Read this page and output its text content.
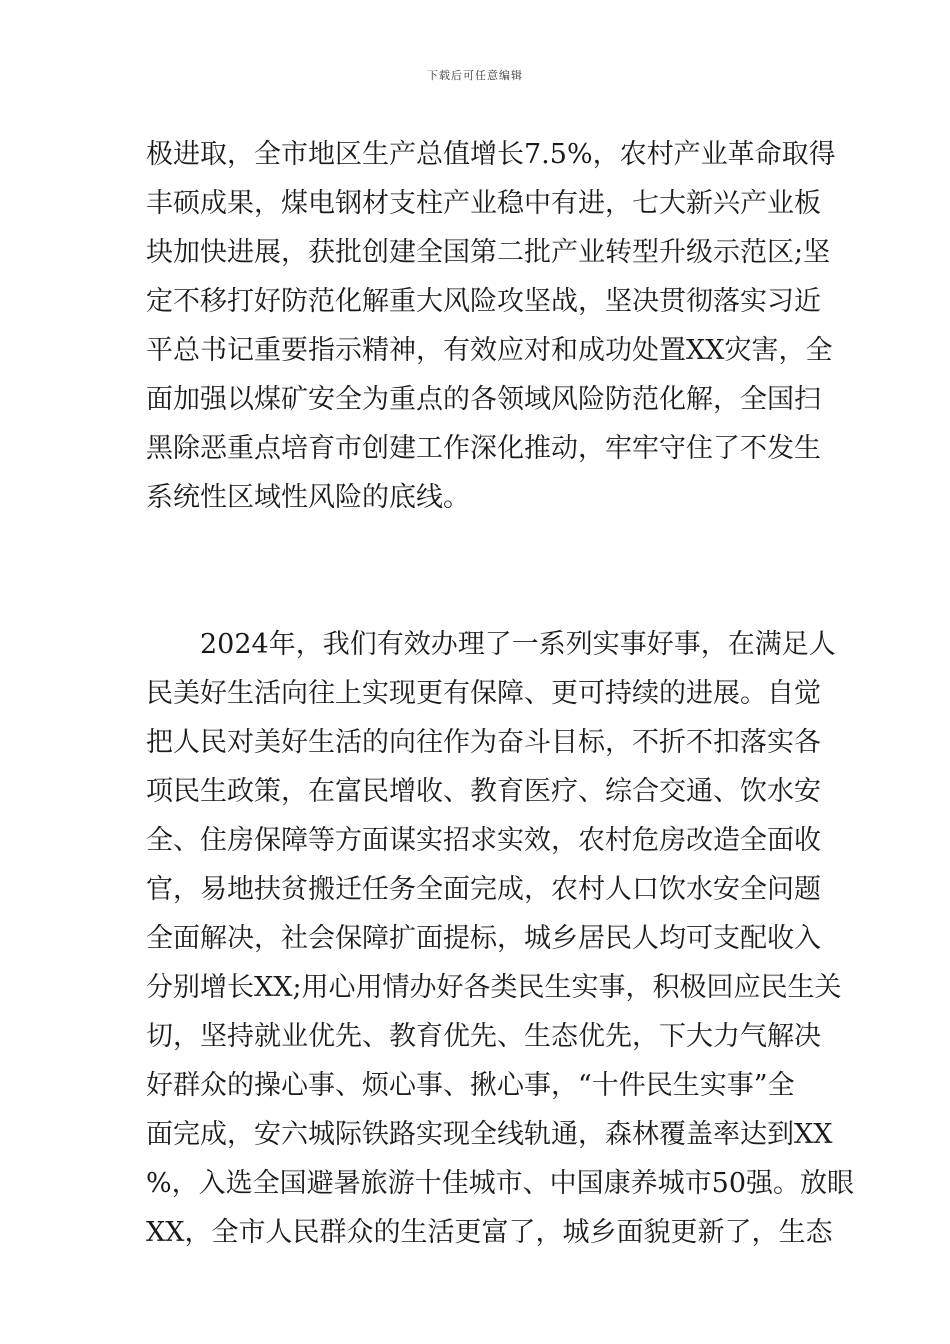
下载后可任意编辑
极进取，全市地区生产总值增长7.5%，农村产业革命取得
丰硕成果，煤电钢材支柱产业稳中有进，七大新兴产业板
块加快进展，获批创建全国第二批产业转型升级示范区;坚
定不移打好防范化解重大风险攻坚战，坚决贯彻落实习近
平总书记重要指示精神，有效应对和成功处置XX灾害，全
面加强以煤矿安全为重点的各领域风险防范化解，全国扫
黑除恶重点培育市创建工作深化推动，牢牢守住了不发生
系统性区域性风险的底线。
　　2024年，我们有效办理了一系列实事好事，在满足人
民美好生活向往上实现更有保障、更可持续的进展。自觉
把人民对美好生活的向往作为奋斗目标，不折不扣落实各
项民生政策，在富民增收、教育医疗、综合交通、饮水安
全、住房保障等方面谋实招求实效，农村危房改造全面收
官，易地扶贫搬迁任务全面完成，农村人口饮水安全问题
全面解决，社会保障扩面提标，城乡居民人均可支配收入
分别增长XX;用心用情办好各类民生实事，积极回应民生关
切，坚持就业优先、教育优先、生态优先，下大力气解决
好群众的操心事、烦心事、揪心事，“十件民生实事”全
面完成，安六城际铁路实现全线轨通，森林覆盖率达到XX
%，入选全国避暑旅游十佳城市、中国康养城市50强。放眼
XX，全市人民群众的生活更富了，城乡面貌更新了，生态
